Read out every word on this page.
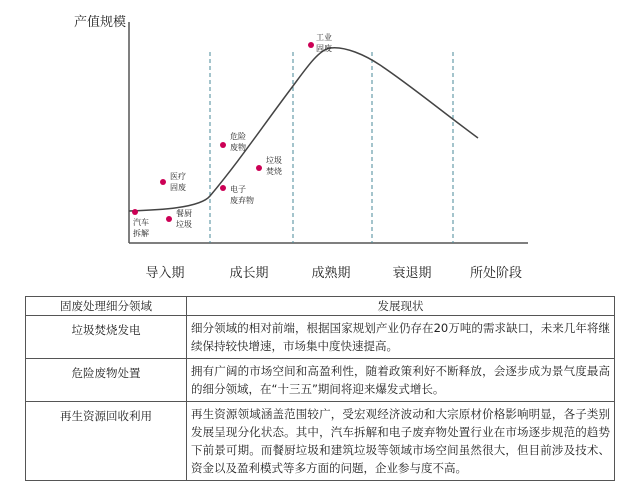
产值规模
导入期	成长期	成熟期	衰退期	所处阶段
汽车
拆解
医疗
固废
餐厨
垃圾
危险
废物
电子
废弃物
垃圾
焚烧
工业
固废
固废处理细分领域	发展现状
垃圾焚烧发电	细分领域的相对前端，根据国家规划产业仍存在20万吨的需求缺口，未来几年将继续保持较快增速，市场集中度快速提高。
危险废物处置	拥有广阔的市场空间和高盈利性，随着政策利好不断释放，会逐步成为景气度最高的细分领域，在“十三五”期间将迎来爆发式增长。
再生资源回收利用	再生资源领域涵盖范围较广，受宏观经济波动和大宗原材价格影响明显，各子类别发展呈现分化状态。其中，汽车拆解和电子废弃物处置行业在市场逐步规范的趋势下前景可期。而餐厨垃圾和建筑垃圾等领域市场空间虽然很大，但目前涉及技术、资金以及盈利模式等多方面的问题，企业参与度不高。
